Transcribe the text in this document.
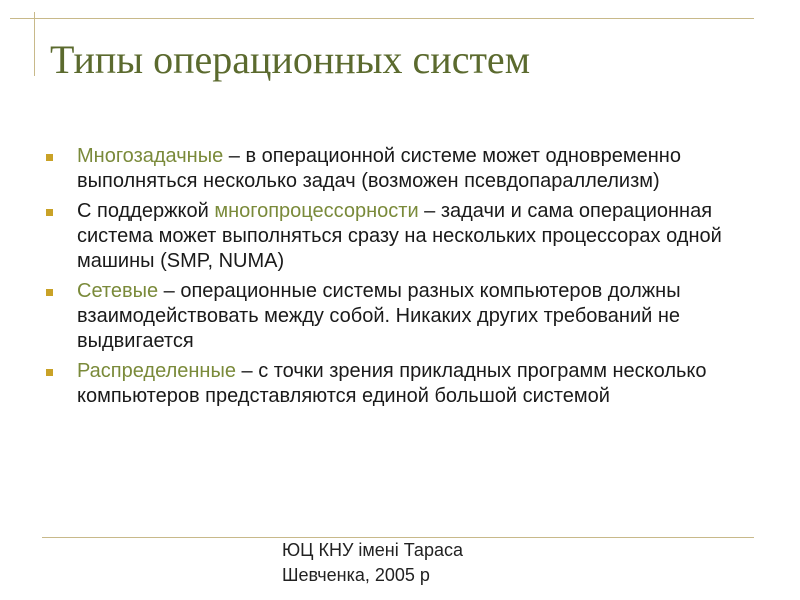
Типы операционных систем
Многозадачные – в операционной системе может одновременно выполняться несколько задач (возможен псевдопараллелизм)
С поддержкой многопроцессорности – задачи и сама операционная система может выполняться сразу на нескольких процессорах одной машины (SMP, NUMA)
Сетевые – операционные системы разных компьютеров должны взаимодействовать между собой. Никаких других требований не выдвигается
Распределенные – с точки зрения прикладных программ несколько компьютеров представляются единой большой системой
ЮЦ КНУ імені Тараса
Шевченка, 2005 р
